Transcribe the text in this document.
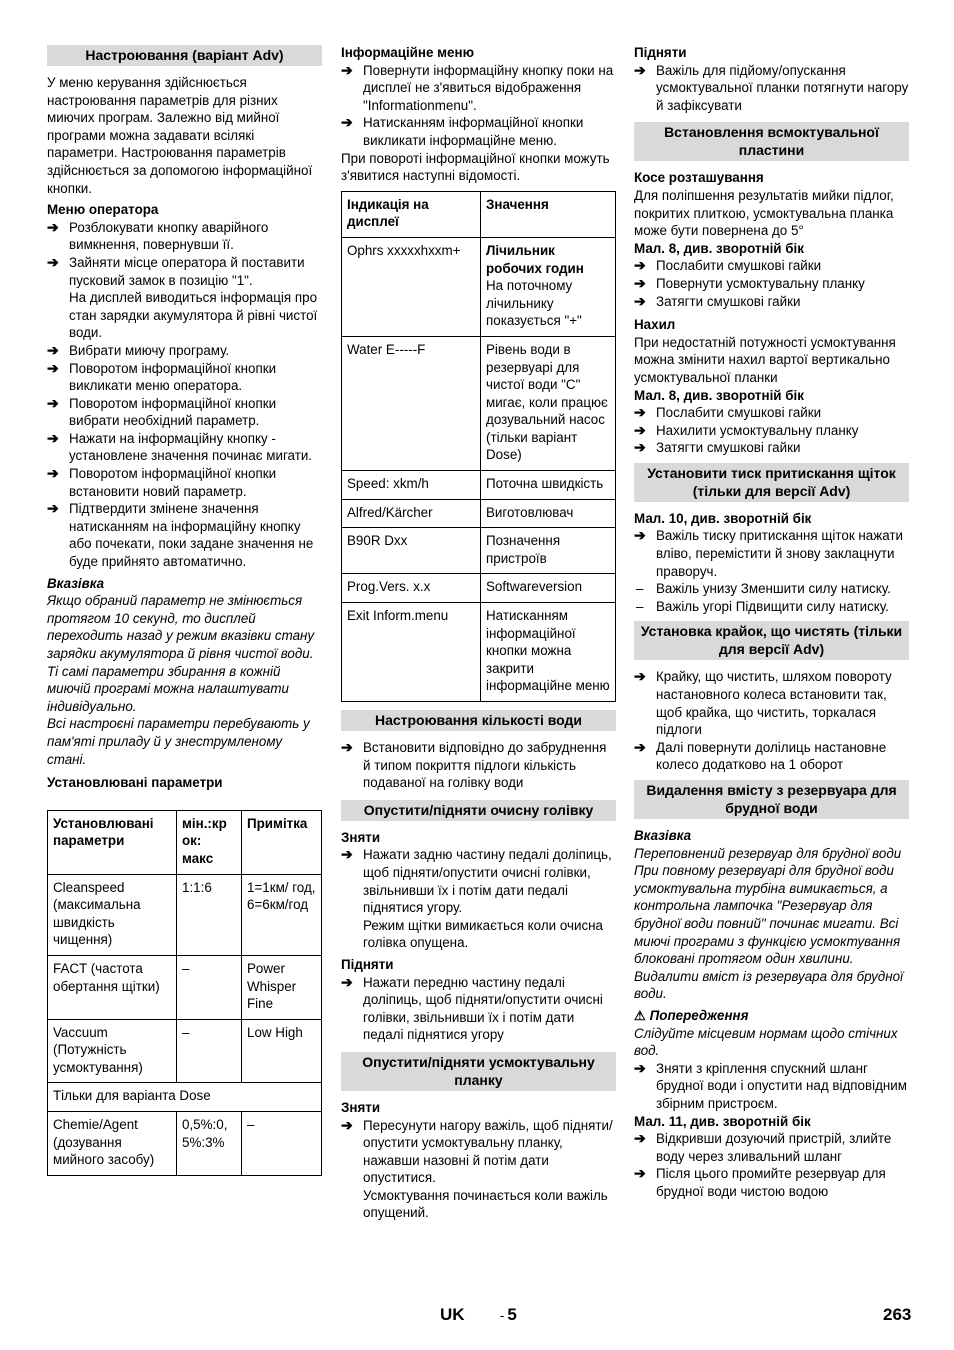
Настроювання (варіант Adv)

У меню керування здійснюється настроювання параметрів для різних миючих програм. Залежно від мийної програми можна задавати всілякі параметри. Настроювання параметрів здійснюється за допомогою інформаційної кнопки.

Меню оператора

➔ Розблокувати кнопку аварійного вимкнення, повернувши її.

➔ Зайняти місце оператора й поставити пусковий замок в позицію "1".

На дисплей виводиться інформація про стан зарядки акумулятора й рівні чистої води.

➔ Вибрати миючу програму.

➔ Поворотом інформаційної кнопки викликати меню оператора.

➔ Поворотом інформаційної кнопки вибрати необхідний параметр.

➔ Нажати на інформаційну кнопку - установлене значення починає мигати.

➔ Поворотом інформаційної кнопки встановити новий параметр.

➔ Підтвердити змінене значення натисканням на інформаційну кнопку або почекати, поки задане значення не буде прийнято автоматично.

Вказівка

Якщо обраний параметр не змінюється протягом 10 секунд, то дисплей переходить назад у режим вказівки стану зарядки акумулятора й рівня чистої води.

Ті самі параметри збирання в кожній миючій програмі можна налаштувати індивідуально.

Всі настроєні параметри перебувають у пам'яті приладу й у знеструмленому стані.

Установлювані параметри

Установлювані параметри	мін.:кр ок: макс	Примітка
Cleanspeed (максимальна швидкість чищення)	1:1:6	1=1км/ год, 6=6км/год
FACT (частота обертання щітки)	–	Power Whisper Fine
Vaccuum (Потужність усмоктування)	–	Low High
Тільки для варіанта Dose		
Chemie/Agent (дозування мийного засобу)	0,5%:0, 5%:3%	–

Інформаційне меню

➔ Повернути інформаційну кнопку поки на дисплеї не з'явиться відображення "Informationmenu".

➔ Натисканням інформаційної кнопки викликати інформаційне меню.

При повороті інформаційної кнопки можуть з'явитися наступні відомості.

Індикація на дисплеї	Значення
Ophrs xxxxxhxxm+	Лічильник робочих годин
На поточному лічильнику показується "+"
Water E-----F	Рівень води в резервуарі для чистої води "C" мигає, коли працює дозувальний насос (тільки варіант Dose)
Speed: xkm/h	Поточна швидкість
Alfred/Kärcher	Виготовлювач
B90R Dxx	Позначення пристроїв
Prog.Vers. x.x	Softwareversion
Exit Inform.menu	Натисканням інформаційної кнопки можна закрити інформаційне меню
Настроювання кількості води

➔ Встановити відповідно до забруднення й типом покриття підлоги кількість подаваної на голівку води

Опустити/підняти очисну голівку

Зняти

➔ Нажати задню частину педалі доліпиць, щоб підняти/опустити очисні голівки, звільнивши їх і потім дати педалі піднятися угору.

Режим щітки вимикається коли очисна голівка опущена.

Підняти

➔ Нажати передню частину педалі доліпиць, щоб підняти/опустити очисні голівки, звільнивши їх і потім дати педалі піднятися угору

Опустити/підняти усмоктувальну планку

Зняти

➔ Пересунути нагору важіль, щоб підняти/опустити усмоктувальну планку, нажавши назовні й потім дати опуститися.

Усмоктування починається коли важіль опущений.

Підняти

➔ Важіль для підйому/опускання усмоктувальної планки потягнути нагору й зафіксувати

Встановлення всмоктувальної пластини

Косе розташування

Для поліпшення результатів мийки підлог, покритих плиткою, усмоктувальна планка може бути повернена до 5°

Мал. 8, див. зворотній бік

➔ Послабити смушкові гайки

➔ Повернути усмоктувальну планку

➔ Затягти смушкові гайки

Нахил

При недостатній потужності усмоктування можна змінити нахил вартої вертикально усмоктувальної планки

Мал. 8, див. зворотній бік

➔ Послабити смушкові гайки

➔ Нахилити усмоктувальну планку

➔ Затягти смушкові гайки

Установити тиск притискання щіток (тільки для версії Adv)

Мал. 10, див. зворотній бік

➔ Важіль тиску притискання щіток нажати вліво, перемістити й знову заклацнути праворуч.

– Важіль унизу Зменшити силу натиску.

– Важіль угорі Підвищити силу натиску.

Установка крайок, що чистять (тільки для версії Adv)

➔ Крайку, що чистить, шляхом повороту настановного колеса встановити так, щоб крайка, що чистить, торкалася підлоги

➔ Далі повернути долілиць настановне колесо додатково на 1 оборот

Видалення вмісту з резервуара для брудної води

Вказівка

Переповнений резервуар для брудної води При повному резервуарі для брудної води усмоктувальна турбіна вимикається, а контрольна лампочка "Резервуар для брудної води повний" починає мигати. Всі миючі програми з функцією усмоктування блоковані протягом один хвилини. Видалити вміст із резервуара для брудної води.

⚠ Попередження

Слідуйте місцевим нормам щодо стічних вод.

➔ Зняти з кріплення спускний шланг брудної води і опустити над відповідним збірним пристроєм.

Мал. 11, див. зворотній бік

➔ Відкривши дозуючий пристрій, злийте воду через зливальний шланг

➔ Після цього промийте резервуар для брудної води чистою водою

UK	- 5	263
